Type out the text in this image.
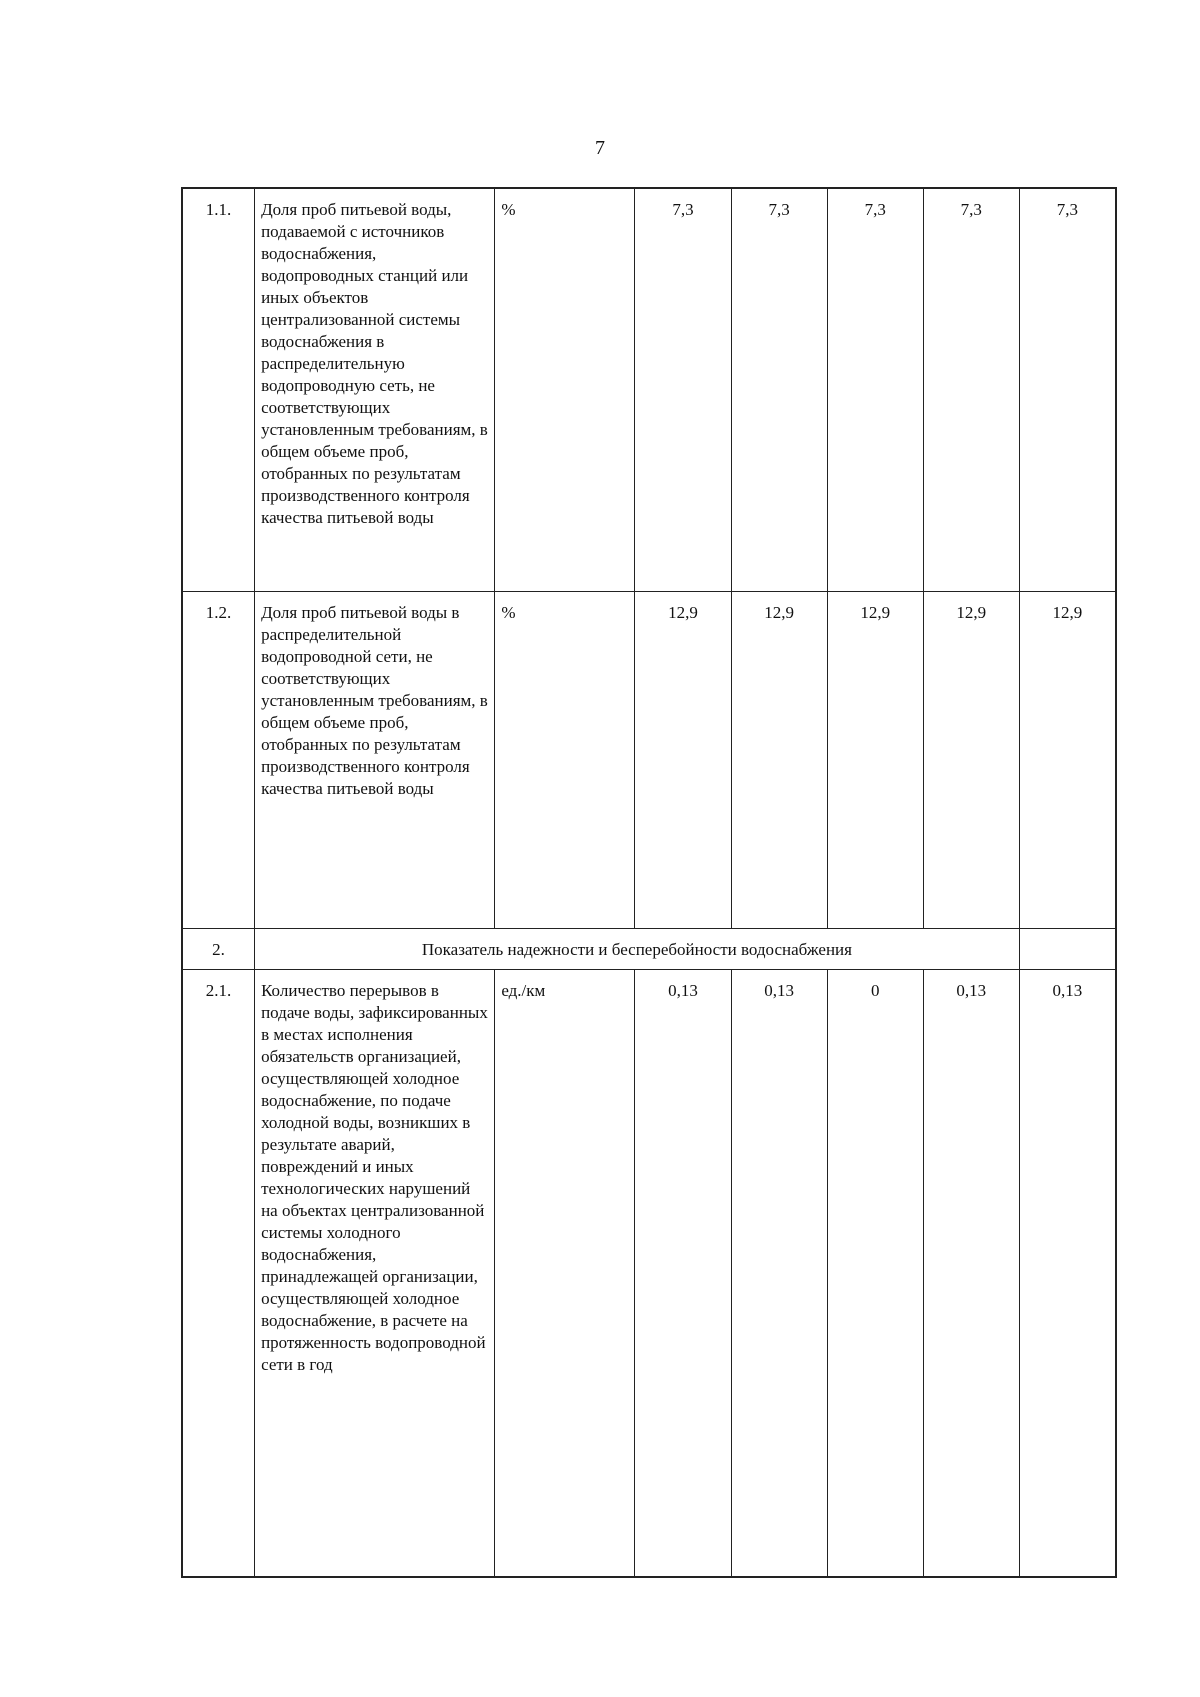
7
1.1.	Доля проб питьевой воды, подаваемой с источников водоснабжения, водопроводных станций или иных объектов централизованной системы водоснабжения в распределительную водопроводную сеть, не соответствующих установленным требованиям, в общем объеме проб, отобранных по результатам производственного контроля качества питьевой воды	%	7,3	7,3	7,3	7,3	7,3
1.2.	Доля проб питьевой воды в распределительной водопроводной сети, не соответствующих установленным требованиям, в общем объеме проб, отобранных по результатам производственного контроля качества питьевой воды	%	12,9	12,9	12,9	12,9	12,9
2.	Показатель надежности и бесперебойности водоснабжения						
2.1.	Количество перерывов в подаче воды, зафиксированных в местах исполнения обязательств организацией, осуществляющей холодное водоснабжение, по подаче холодной воды, возникших в результате аварий, повреждений и иных технологических нарушений на объектах централизованной системы холодного водоснабжения, принадлежащей организации, осуществляющей холодное водоснабжение, в расчете на протяженность водопроводной сети в год	ед./км	0,13	0,13	0	0,13	0,13
